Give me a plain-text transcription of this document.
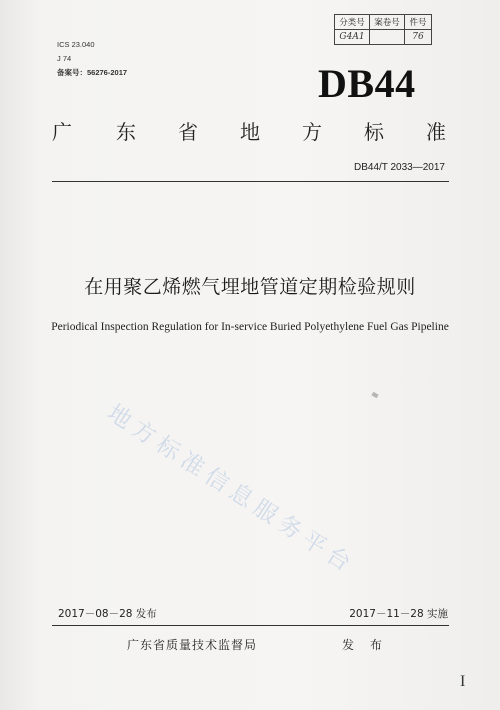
ICS 23.040
J 74
备案号：56276-2017
分类号	案卷号	件号
G4A1		76
DB44
广 东 省 地 方 标 准
DB44/T 2033—2017
在用聚乙烯燃气埋地管道定期检验规则
Periodical Inspection Regulation for In-service Buried Polyethylene Fuel Gas Pipeline
地方标准信息服务平台
2017－08－28 发布	2017－11－28 实施
广东省质量技术监督局	发 布
I
